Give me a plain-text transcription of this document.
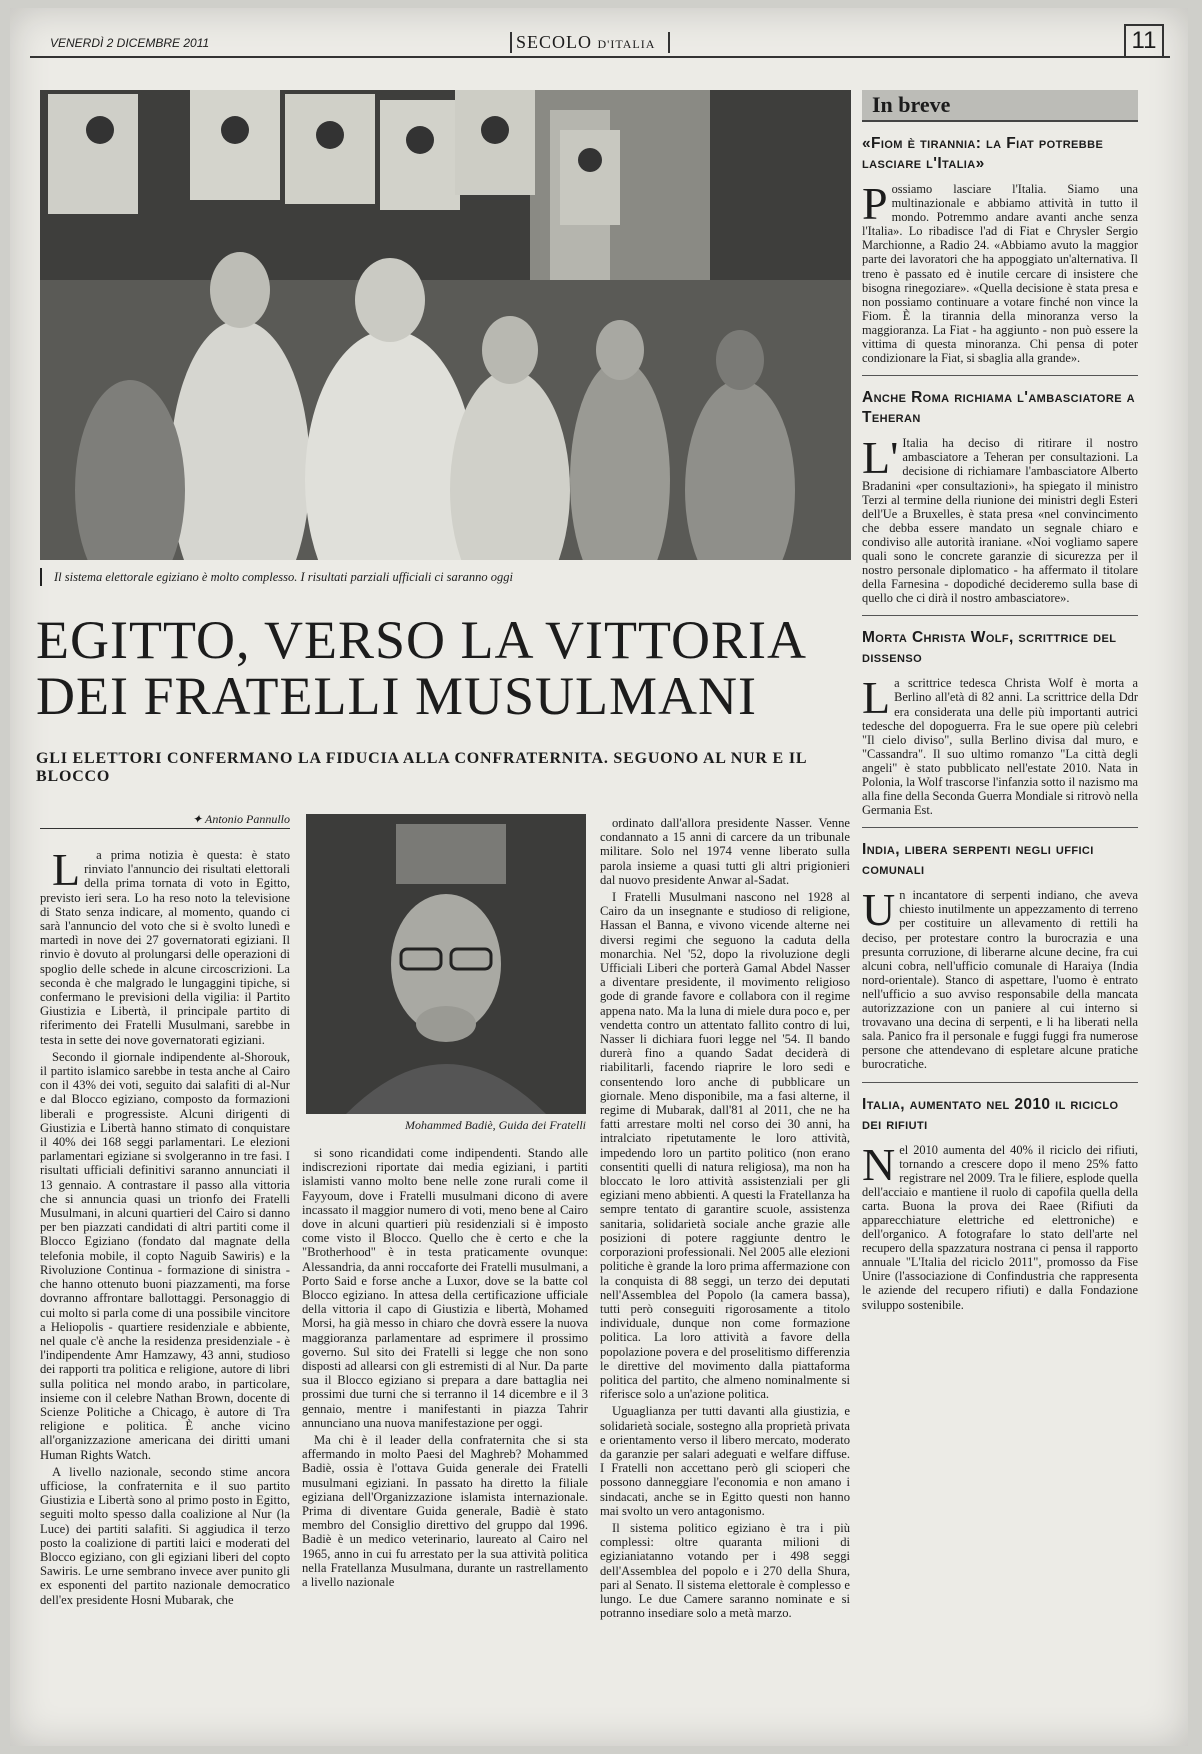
VENERDÌ 2 DICEMBRE 2011	SECOLO D'ITALIA	11
Il sistema elettorale egiziano è molto complesso. I risultati parziali ufficiali ci saranno oggi
EGITTO, VERSO LA VITTORIA
DEI FRATELLI MUSULMANI
GLI ELETTORI CONFERMANO LA FIDUCIA ALLA CONFRATERNITA. SEGUONO AL NUR E IL BLOCCO
✦ Antonio Pannullo

La prima notizia è questa: è stato rinviato l'annuncio dei risultati elettorali della prima tornata di voto in Egitto, previsto ieri sera. Lo ha reso noto la televisione di Stato senza indicare, al momento, quando ci sarà l'annuncio del voto che si è svolto lunedì e martedì in nove dei 27 governatorati egiziani. Il rinvio è dovuto al prolungarsi delle operazioni di spoglio delle schede in alcune circoscrizioni. La seconda è che malgrado le lungaggini tipiche, si confermano le previsioni della vigilia: il Partito Giustizia e Libertà, il principale partito di riferimento dei Fratelli Musulmani, sarebbe in testa in sette dei nove governatorati egiziani.

Secondo il giornale indipendente al-Shorouk, il partito islamico sarebbe in testa anche al Cairo con il 43% dei voti, seguito dai salafiti di al-Nur e dal Blocco egiziano, composto da formazioni liberali e progressiste. Alcuni dirigenti di Giustizia e Libertà hanno stimato di conquistare il 40% dei 168 seggi parlamentari. Le elezioni parlamentari egiziane si svolgeranno in tre fasi. I risultati ufficiali definitivi saranno annunciati il 13 gennaio. A contrastare il passo alla vittoria che si annuncia quasi un trionfo dei Fratelli Musulmani, in alcuni quartieri del Cairo si danno per ben piazzati candidati di altri partiti come il Blocco Egiziano (fondato dal magnate della telefonia mobile, il copto Naguib Sawiris) e la Rivoluzione Continua - formazione di sinistra - che hanno ottenuto buoni piazzamenti, ma forse dovranno affrontare ballottaggi. Personaggio di cui molto si parla come di una possibile vincitore a Heliopolis - quartiere residenziale e abbiente, nel quale c'è anche la residenza presidenziale - è l'indipendente Amr Hamzawy, 43 anni, studioso dei rapporti tra politica e religione, autore di libri sulla politica nel mondo arabo, in particolare, insieme con il celebre Nathan Brown, docente di Scienze Politiche a Chicago, è autore di Tra religione e politica. È anche vicino all'organizzazione americana dei diritti umani Human Rights Watch.

A livello nazionale, secondo stime ancora ufficiose, la confraternita e il suo partito Giustizia e Libertà sono al primo posto in Egitto, seguiti molto spesso dalla coalizione al Nur (la Luce) dei partiti salafiti. Si aggiudica il terzo posto la coalizione di partiti laici e moderati del Blocco egiziano, con gli egiziani liberi del copto Sawiris. Le urne sembrano invece aver punito gli ex esponenti del partito nazionale democratico dell'ex presidente Hosni Mubarak, che

Mohammed Badiè, Guida dei Fratelli

si sono ricandidati come indipendenti. Stando alle indiscrezioni riportate dai media egiziani, i partiti islamisti vanno molto bene nelle zone rurali come il Fayyoum, dove i Fratelli musulmani dicono di avere incassato il maggior numero di voti, meno bene al Cairo dove in alcuni quartieri più residenziali si è imposto come visto il Blocco. Quello che è certo e che la "Brotherhood" è in testa praticamente ovunque: Alessandria, da anni roccaforte dei Fratelli musulmani, a Porto Said e forse anche a Luxor, dove se la batte col Blocco egiziano. In attesa della certificazione ufficiale della vittoria il capo di Giustizia e libertà, Mohamed Morsi, ha già messo in chiaro che dovrà essere la nuova maggioranza parlamentare ad esprimere il prossimo governo. Sul sito dei Fratelli si legge che non sono disposti ad allearsi con gli estremisti di al Nur. Da parte sua il Blocco egiziano si prepara a dare battaglia nei prossimi due turni che si terranno il 14 dicembre e il 3 gennaio, mentre i manifestanti in piazza Tahrir annunciano una nuova manifestazione per oggi.

Ma chi è il leader della confraternita che si sta affermando in molto Paesi del Maghreb? Mohammed Badiè, ossia è l'ottava Guida generale dei Fratelli musulmani egiziani. In passato ha diretto la filiale egiziana dell'Organizzazione islamista internazionale. Prima di diventare Guida generale, Badiè è stato membro del Consiglio direttivo del gruppo dal 1996. Badiè è un medico veterinario, laureato al Cairo nel 1965, anno in cui fu arrestato per la sua attività politica nella Fratellanza Musulmana, durante un rastrellamento a livello nazionale

ordinato dall'allora presidente Nasser. Venne condannato a 15 anni di carcere da un tribunale militare. Solo nel 1974 venne liberato sulla parola insieme a quasi tutti gli altri prigionieri dal nuovo presidente Anwar al-Sadat.

I Fratelli Musulmani nascono nel 1928 al Cairo da un insegnante e studioso di religione, Hassan el Banna, e vivono vicende alterne nei diversi regimi che seguono la caduta della monarchia. Nel '52, dopo la rivoluzione degli Ufficiali Liberi che porterà Gamal Abdel Nasser a diventare presidente, il movimento religioso gode di grande favore e collabora con il regime appena nato. Ma la luna di miele dura poco e, per vendetta contro un attentato fallito contro di lui, Nasser li dichiara fuori legge nel '54. Il bando durerà fino a quando Sadat deciderà di riabilitarli, facendo riaprire le loro sedi e consentendo loro anche di pubblicare un giornale. Meno disponibile, ma a fasi alterne, il regime di Mubarak, dall'81 al 2011, che ne ha fatti arrestare molti nel corso dei 30 anni, ha intralciato ripetutamente le loro attività, impedendo loro un partito politico (non erano consentiti quelli di natura religiosa), ma non ha bloccato le loro attività assistenziali per gli egiziani meno abbienti. A questi la Fratellanza ha sempre tentato di garantire scuole, assistenza sanitaria, solidarietà sociale anche grazie alle posizioni di potere raggiunte dentro le corporazioni professionali. Nel 2005 alle elezioni politiche è grande la loro prima affermazione con la conquista di 88 seggi, un terzo dei deputati nell'Assemblea del Popolo (la camera bassa), tutti però conseguiti rigorosamente a titolo individuale, dunque non come formazione politica. La loro attività a favore della popolazione povera e del proselitismo differenzia le direttive del movimento dalla piattaforma politica del partito, che almeno nominalmente si riferisce solo a un'azione politica.

Uguaglianza per tutti davanti alla giustizia, e solidarietà sociale, sostegno alla proprietà privata e orientamento verso il libero mercato, moderato da garanzie per salari adeguati e welfare diffuse. I Fratelli non accettano però gli scioperi che possono danneggiare l'economia e non amano i sindacati, anche se in Egitto questi non hanno mai svolto un vero antagonismo.

Il sistema politico egiziano è tra i più complessi: oltre quaranta milioni di egizianiatanno votando per i 498 seggi dell'Assemblea del popolo e i 270 della Shura, pari al Senato. Il sistema elettorale è complesso e lungo. Le due Camere saranno nominate e si potranno insediare solo a metà marzo.

In breve
«Fiom è tirannia: la Fiat potrebbe lasciare l'Italia»

Possiamo lasciare l'Italia. Siamo una multinazionale e abbiamo attività in tutto il mondo. Potremmo andare avanti anche senza l'Italia». Lo ribadisce l'ad di Fiat e Chrysler Sergio Marchionne, a Radio 24. «Abbiamo avuto la maggior parte dei lavoratori che ha appoggiato un'alternativa. Il treno è passato ed è inutile cercare di insistere che bisogna rinegoziare». «Quella decisione è stata presa e non possiamo continuare a votare finché non vince la Fiom. È la tirannia della minoranza verso la maggioranza. La Fiat - ha aggiunto - non può essere la vittima di questa minoranza. Chi pensa di poter condizionare la Fiat, si sbaglia alla grande».

Anche Roma richiama l'ambasciatore a Teheran

L'Italia ha deciso di ritirare il nostro ambasciatore a Teheran per consultazioni. La decisione di richiamare l'ambasciatore Alberto Bradanini «per consultazioni», ha spiegato il ministro Terzi al termine della riunione dei ministri degli Esteri dell'Ue a Bruxelles, è stata presa «nel convincimento che debba essere mandato un segnale chiaro e condiviso alle autorità iraniane. «Noi vogliamo sapere quali sono le concrete garanzie di sicurezza per il nostro personale diplomatico - ha affermato il titolare della Farnesina - dopodiché decideremo sulla base di quello che ci dirà il nostro ambasciatore».

Morta Christa Wolf, scrittrice del dissenso

La scrittrice tedesca Christa Wolf è morta a Berlino all'età di 82 anni. La scrittrice della Ddr era considerata una delle più importanti autrici tedesche del dopoguerra. Fra le sue opere più celebri "Il cielo diviso", sulla Berlino divisa dal muro, e "Cassandra". Il suo ultimo romanzo "La città degli angeli" è stato pubblicato nell'estate 2010. Nata in Polonia, la Wolf trascorse l'infanzia sotto il nazismo ma alla fine della Seconda Guerra Mondiale si ritrovò nella Germania Est.

India, libera serpenti negli uffici comunali

Un incantatore di serpenti indiano, che aveva chiesto inutilmente un appezzamento di terreno per costituire un allevamento di rettili ha deciso, per protestare contro la burocrazia e una presunta corruzione, di liberarne alcune decine, fra cui alcuni cobra, nell'ufficio comunale di Haraiya (India nord-orientale). Stanco di aspettare, l'uomo è entrato nell'ufficio a suo avviso responsabile della mancata autorizzazione con un paniere al cui interno si trovavano una decina di serpenti, e li ha liberati nella sala. Panico fra il personale e fuggi fuggi fra numerose persone che attendevano di espletare alcune pratiche burocratiche.

Italia, aumentato nel 2010 il riciclo dei rifiuti

Nel 2010 aumenta del 40% il riciclo dei rifiuti, tornando a crescere dopo il meno 25% fatto registrare nel 2009. Tra le filiere, esplode quella dell'acciaio e mantiene il ruolo di capofila quella della carta. Buona la prova dei Raee (Rifiuti da apparecchiature elettriche ed elettroniche) e dell'organico. A fotografare lo stato dell'arte nel recupero della spazzatura nostrana ci pensa il rapporto annuale "L'Italia del riciclo 2011", promosso da Fise Unire (l'associazione di Confindustria che rappresenta le aziende del recupero rifiuti) e dalla Fondazione sviluppo sostenibile.
